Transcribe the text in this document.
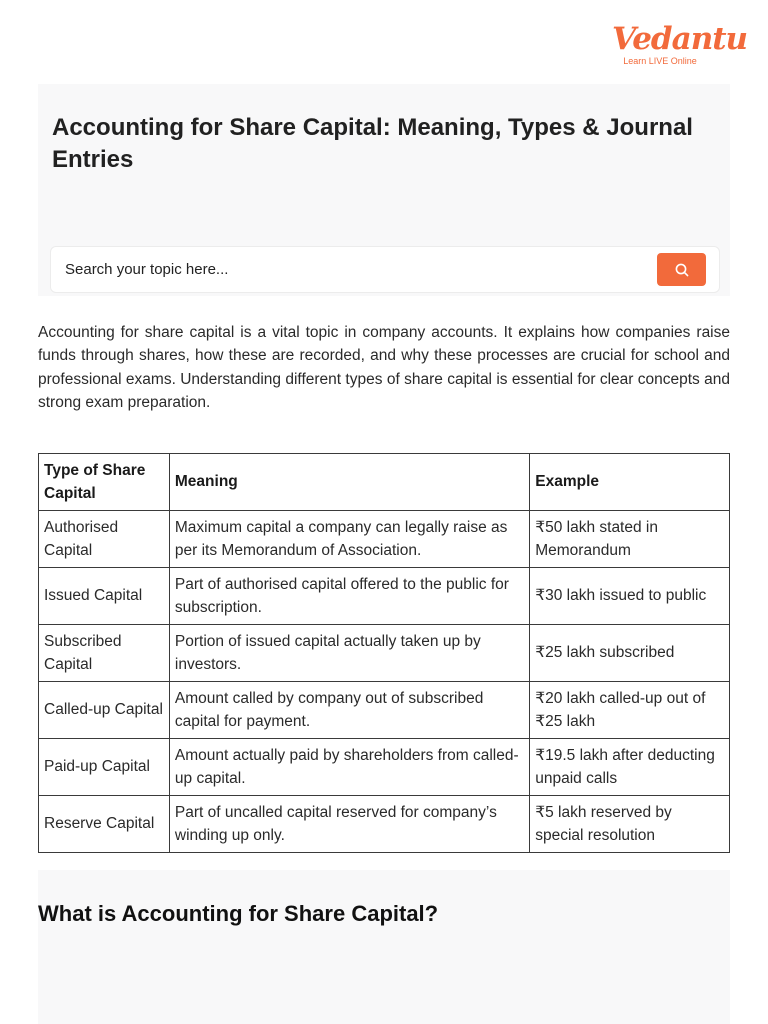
Vedantu
Learn LIVE Online
Accounting for Share Capital: Meaning, Types & Journal Entries
Search your topic here...

Accounting for share capital is a vital topic in company accounts. It explains how companies raise funds through shares, how these are recorded, and why these processes are crucial for school and professional exams. Understanding different types of share capital is essential for clear concepts and strong exam preparation.

Type of Share Capital	Meaning	Example
Authorised Capital	Maximum capital a company can legally raise as per its Memorandum of Association.	₹50 lakh stated in Memorandum
Issued Capital	Part of authorised capital offered to the public for subscription.	₹30 lakh issued to public
Subscribed Capital	Portion of issued capital actually taken up by investors.	₹25 lakh subscribed
Called-up Capital	Amount called by company out of subscribed capital for payment.	₹20 lakh called-up out of ₹25 lakh
Paid-up Capital	Amount actually paid by shareholders from called-up capital.	₹19.5 lakh after deducting unpaid calls
Reserve Capital	Part of uncalled capital reserved for company’s winding up only.	₹5 lakh reserved by special resolution
What is Accounting for Share Capital?
